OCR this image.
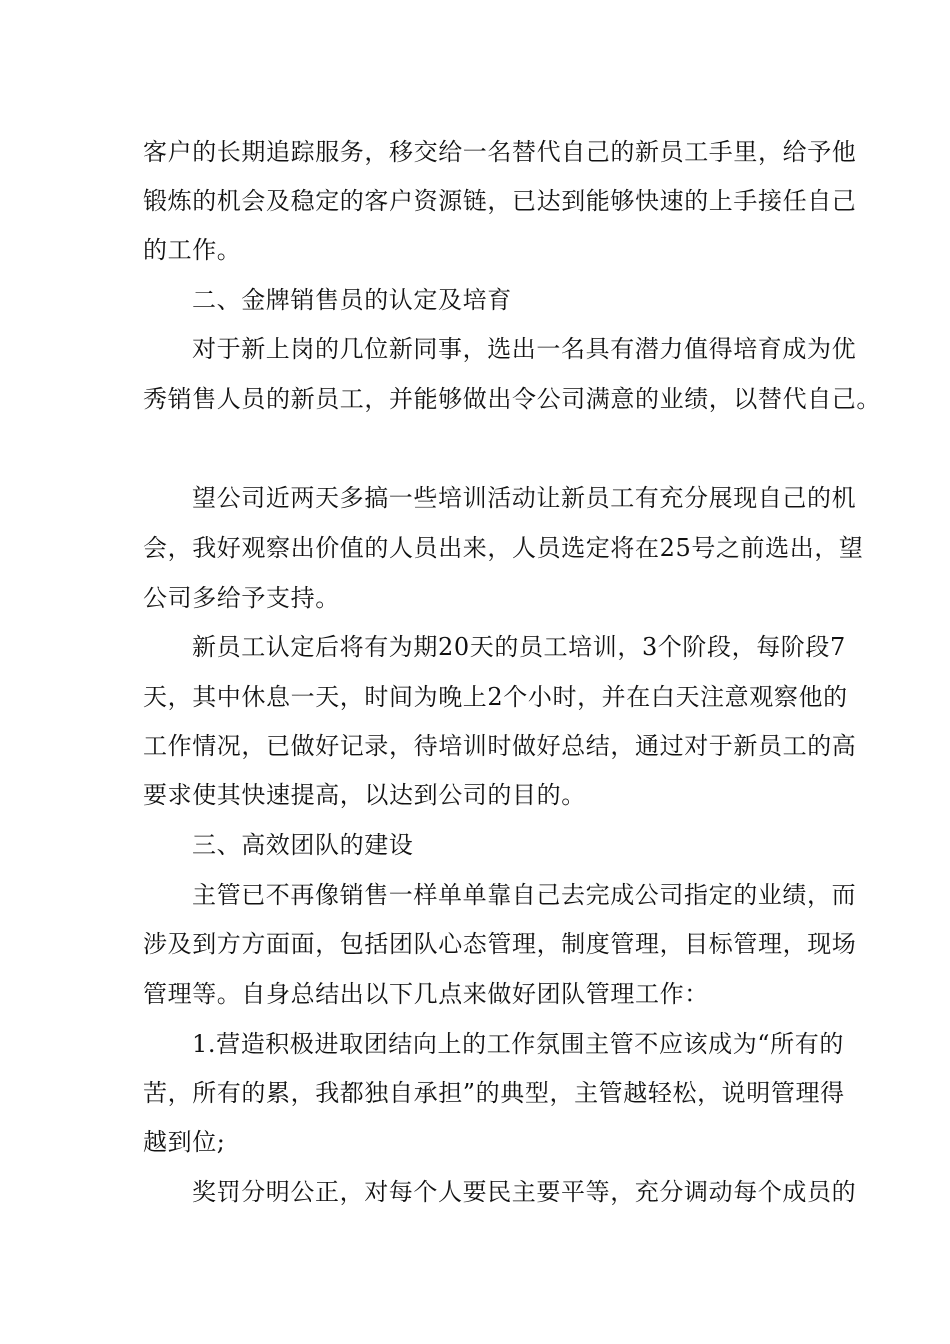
客户的长期追踪服务，移交给一名替代自己的新员工手里，给予他
锻炼的机会及稳定的客户资源链，已达到能够快速的上手接任自己
的工作。
二、金牌销售员的认定及培育
对于新上岗的几位新同事，选出一名具有潜力值得培育成为优
秀销售人员的新员工，并能够做出令公司满意的业绩，以替代自己。
望公司近两天多搞一些培训活动让新员工有充分展现自己的机
会，我好观察出价值的人员出来，人员选定将在25号之前选出，望
公司多给予支持。
新员工认定后将有为期20天的员工培训，3个阶段，每阶段7
天，其中休息一天，时间为晚上2个小时，并在白天注意观察他的
工作情况，已做好记录，待培训时做好总结，通过对于新员工的高
要求使其快速提高，以达到公司的目的。
三、高效团队的建设
主管已不再像销售一样单单靠自己去完成公司指定的业绩，而
涉及到方方面面，包括团队心态管理，制度管理，目标管理，现场
管理等。自身总结出以下几点来做好团队管理工作：
1.营造积极进取团结向上的工作氛围主管不应该成为“所有的
苦，所有的累，我都独自承担”的典型，主管越轻松，说明管理得
越到位;
奖罚分明公正，对每个人要民主要平等，充分调动每个成员的
